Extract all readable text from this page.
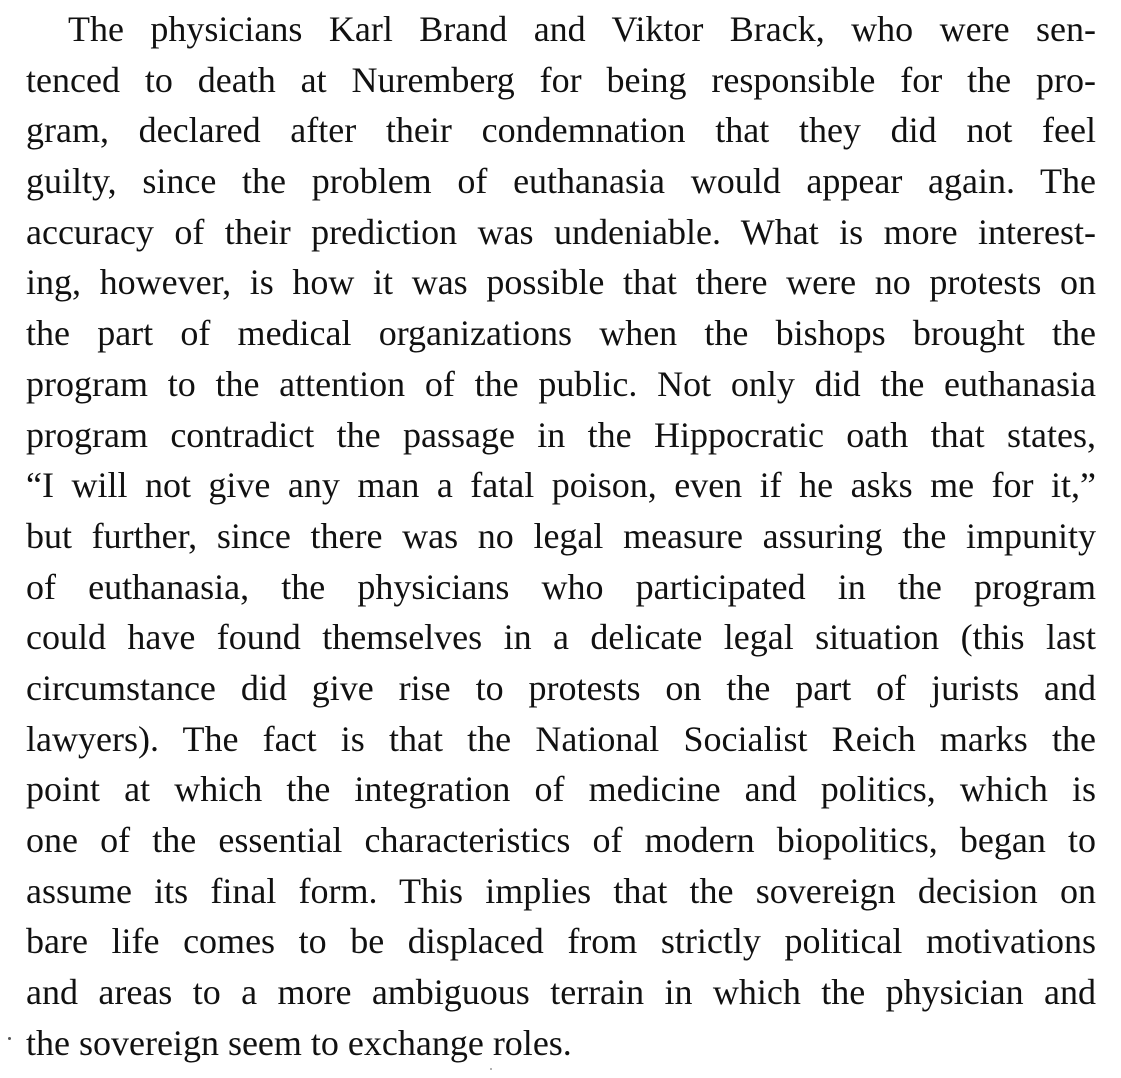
The physicians Karl Brand and Viktor Brack, who were sen-
tenced to death at Nuremberg for being responsible for the pro-
gram, declared after their condemnation that they did not feel
guilty, since the problem of euthanasia would appear again. The
accuracy of their prediction was undeniable. What is more interest-
ing, however, is how it was possible that there were no protests on
the part of medical organizations when the bishops brought the
program to the attention of the public. Not only did the euthanasia
program contradict the passage in the Hippocratic oath that states,
“I will not give any man a fatal poison, even if he asks me for it,”
but further, since there was no legal measure assuring the impunity
of euthanasia, the physicians who participated in the program
could have found themselves in a delicate legal situation (this last
circumstance did give rise to protests on the part of jurists and
lawyers). The fact is that the National Socialist Reich marks the
point at which the integration of medicine and politics, which is
one of the essential characteristics of modern biopolitics, began to
assume its final form. This implies that the sovereign decision on
bare life comes to be displaced from strictly political motivations
and areas to a more ambiguous terrain in which the physician and
the sovereign seem to exchange roles.
